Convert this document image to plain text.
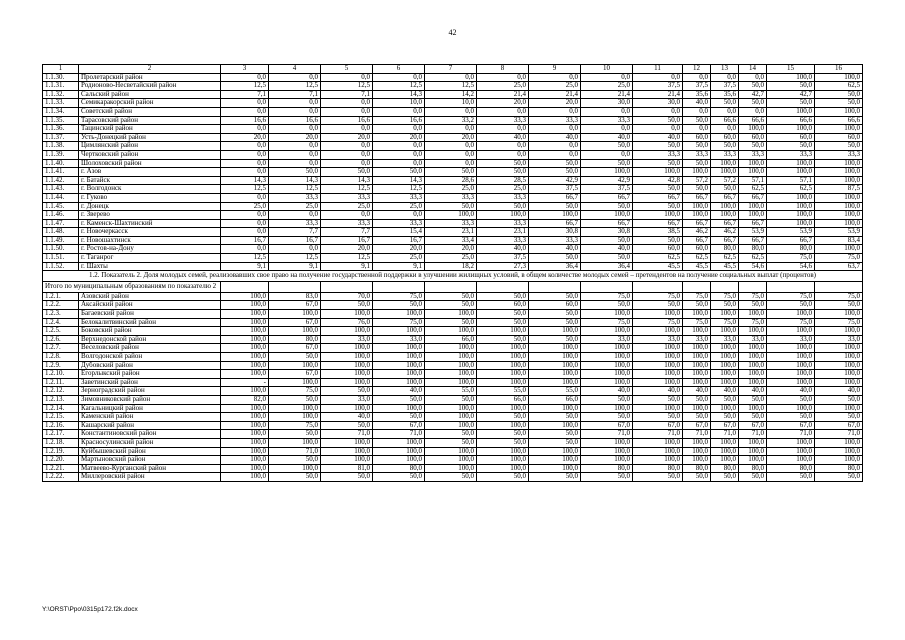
42
1	2	3	4	5	6	7	8	9	10	11	12	13	14	15	16
1.1.30.	Пролетарский район	0,0	0,0	0,0	0,0	0,0	0,0	0,0	0,0	0,0	0,0	0,0	0,0	100,0	100,0
1.1.31.	Родионово-Несветайский район	12,5	12,5	12,5	12,5	12,5	25,0	25,0	25,0	37,5	37,5	37,5	50,0	50,0	62,5
1.1.32.	Сальский район	7,1	7,1	7,1	14,3	14,2	21,4	21,4	21,4	21,4	35,6	35,6	42,7	42,7	50,0
1.1.33.	Семикаракорский район	0,0	0,0	0,0	10,0	10,0	20,0	20,0	30,0	30,0	40,0	50,0	50,0	50,0	50,0
1.1.34.	Советский район	0,0	0,0	0,0	0,0	0,0	0,0	0,0	0,0	0,0	0,0	0,0	0,0	100,0	100,0
1.1.35.	Тарасовский район	16,6	16,6	16,6	16,6	33,2	33,3	33,3	33,3	50,0	50,0	66,6	66,6	66,6	66,6
1.1.36.	Тацинский район	0,0	0,0	0,0	0,0	0,0	0,0	0,0	0,0	0,0	0,0	0,0	100,0	100,0	100,0
1.1.37.	Усть-Донецкий район	20,0	20,0	20,0	20,0	20,0	40,0	40,0	40,0	40,0	60,0	60,0	60,0	60,0	60,0
1.1.38.	Цимлянский район	0,0	0,0	0,0	0,0	0,0	0,0	0,0	50,0	50,0	50,0	50,0	50,0	50,0	50,0
1.1.39.	Чертковский район	0,0	0,0	0,0	0,0	0,0	0,0	0,0	0,0	33,3	33,3	33,3	33,3	33,3	33,3
1.1.40.	Шолоховский район	0,0	0,0	0,0	0,0	0,0	50,0	50,0	50,0	50,0	50,0	100,0	100,0	100,0	100,0
1.1.41.	г. Азов	0,0	50,0	50,0	50,0	50,0	50,0	50,0	100,0	100,0	100,0	100,0	100,0	100,0	100,0
1.1.42.	г. Батайск	14,3	14,3	14,3	14,3	28,6	28,5	42,9	42,9	42,8	57,2	57,2	57,1	57,1	100,0
1.1.43.	г. Волгодонск	12,5	12,5	12,5	12,5	25,0	25,0	37,5	37,5	50,0	50,0	50,0	62,5	62,5	87,5
1.1.44.	г. Гуково	0,0	33,3	33,3	33,3	33,3	33,3	66,7	66,7	66,7	66,7	66,7	66,7	100,0	100,0
1.1.45.	г. Донецк	25,0	25,0	25,0	25,0	50,0	50,0	50,0	50,0	50,0	100,0	100,0	100,0	100,0	100,0
1.1.46.	г. Зверево	0,0	0,0	0,0	0,0	100,0	100,0	100,0	100,0	100,0	100,0	100,0	100,0	100,0	100,0
1.1.47.	г. Каменск-Шахтинский	0,0	33,3	33,3	33,3	33,3	33,3	66,7	66,7	66,7	66,7	66,7	66,7	100,0	100,0
1.1.48.	г. Новочеркасск	0,0	7,7	7,7	15,4	23,1	23,1	30,8	30,8	38,5	46,2	46,2	53,9	53,9	53,9
1.1.49.	г. Новошахтинск	16,7	16,7	16,7	16,7	33,4	33,3	33,3	50,0	50,0	66,7	66,7	66,7	66,7	83,4
1.1.50.	г. Ростов-на-Дону	0,0	0,0	20,0	20,0	20,0	40,0	40,0	40,0	60,0	60,0	80,0	80,0	80,0	100,0
1.1.51.	г. Таганрог	12,5	12,5	12,5	25,0	25,0	37,5	50,0	50,0	62,5	62,5	62,5	62,5	75,0	75,0
1.1.52.	г. Шахты	9,1	9,1	9,1	9,1	18,2	27,3	36,4	36,4	45,5	45,5	45,5	54,6	54,6	63,7
1.2. Показатель 2. Доля молодых семей, реализовавших свое право на получение государственной поддержки в улучшении жилищных условий, в общем количестве молодых семей – претендентов на получение социальных выплат (процентов)															
Итого по муниципальным образованиям по показателю 2															
1.2.1.	Азовский район	100,0	83,0	70,0	75,0	50,0	50,0	50,0	75,0	75,0	75,0	75,0	75,0	75,0	75,0
1.2.2.	Аксайский район	100,0	67,0	50,0	50,0	50,0	60,0	60,0	50,0	50,0	50,0	50,0	50,0	50,0	50,0
1.2.3.	Багаевский район	100,0	100,0	100,0	100,0	100,0	50,0	50,0	100,0	100,0	100,0	100,0	100,0	100,0	100,0
1.2.4.	Белокалитвинский район	100,0	67,0	76,0	75,0	50,0	50,0	50,0	75,0	75,0	75,0	75,0	75,0	75,0	75,0
1.2.5.	Боковский район	100,0	100,0	100,0	100,0	100,0	100,0	100,0	100,0	100,0	100,0	100,0	100,0	100,0	100,0
1.2.6.	Верхнедонской район	100,0	80,0	33,0	33,0	66,0	50,0	50,0	33,0	33,0	33,0	33,0	33,0	33,0	33,0
1.2.7.	Веселовский район	100,0	67,0	100,0	100,0	100,0	100,0	100,0	100,0	100,0	100,0	100,0	100,0	100,0	100,0
1.2.8.	Волгодонской район	100,0	50,0	100,0	100,0	100,0	100,0	100,0	100,0	100,0	100,0	100,0	100,0	100,0	100,0
1.2.9.	Дубовский район	100,0	100,0	100,0	100,0	100,0	100,0	100,0	100,0	100,0	100,0	100,0	100,0	100,0	100,0
1.2.10.	Егорлыкский район	100,0	67,0	100,0	100,0	100,0	100,0	100,0	100,0	100,0	100,0	100,0	100,0	100,0	100,0
1.2.11.	Заветинский район	-	100,0	100,0	100,0	100,0	100,0	100,0	100,0	100,0	100,0	100,0	100,0	100,0	100,0
1.2.12.	Зерноградский район	100,0	75,0	50,0	40,0	55,0	55,0	55,0	40,0	40,0	40,0	40,0	40,0	40,0	40,0
1.2.13.	Зимовниковский район	82,0	50,0	33,0	50,0	50,0	66,0	66,0	50,0	50,0	50,0	50,0	50,0	50,0	50,0
1.2.14.	Кагальницкий район	100,0	100,0	100,0	100,0	100,0	100,0	100,0	100,0	100,0	100,0	100,0	100,0	100,0	100,0
1.2.15.	Каменский район	100,0	100,0	40,0	50,0	100,0	50,0	50,0	50,0	50,0	50,0	50,0	50,0	50,0	50,0
1.2.16.	Кашарский район	100,0	75,0	50,0	67,0	100,0	100,0	100,0	67,0	67,0	67,0	67,0	67,0	67,0	67,0
1.2.17.	Константиновский район	100,0	50,0	71,0	71,0	50,0	50,0	50,0	71,0	71,0	71,0	71,0	71,0	71,0	71,0
1.2.18.	Красносулинский район	100,0	100,0	100,0	100,0	50,0	50,0	50,0	100,0	100,0	100,0	100,0	100,0	100,0	100,0
1.2.19.	Куйбышевский район	100,0	71,0	100,0	100,0	100,0	100,0	100,0	100,0	100,0	100,0	100,0	100,0	100,0	100,0
1.2.20.	Мартыновский район	100,0	50,0	100,0	100,0	100,0	100,0	100,0	100,0	100,0	100,0	100,0	100,0	100,0	100,0
1.2.21.	Матвеево-Курганский район	100,0	100,0	81,0	80,0	100,0	100,0	100,0	80,0	80,0	80,0	80,0	80,0	80,0	80,0
1.2.22.	Миллеровский район	100,0	50,0	50,0	50,0	50,0	50,0	50,0	50,0	50,0	50,0	50,0	50,0	50,0	50,0
Y:\ORST\Ppo\0315p172.f2k.docx
